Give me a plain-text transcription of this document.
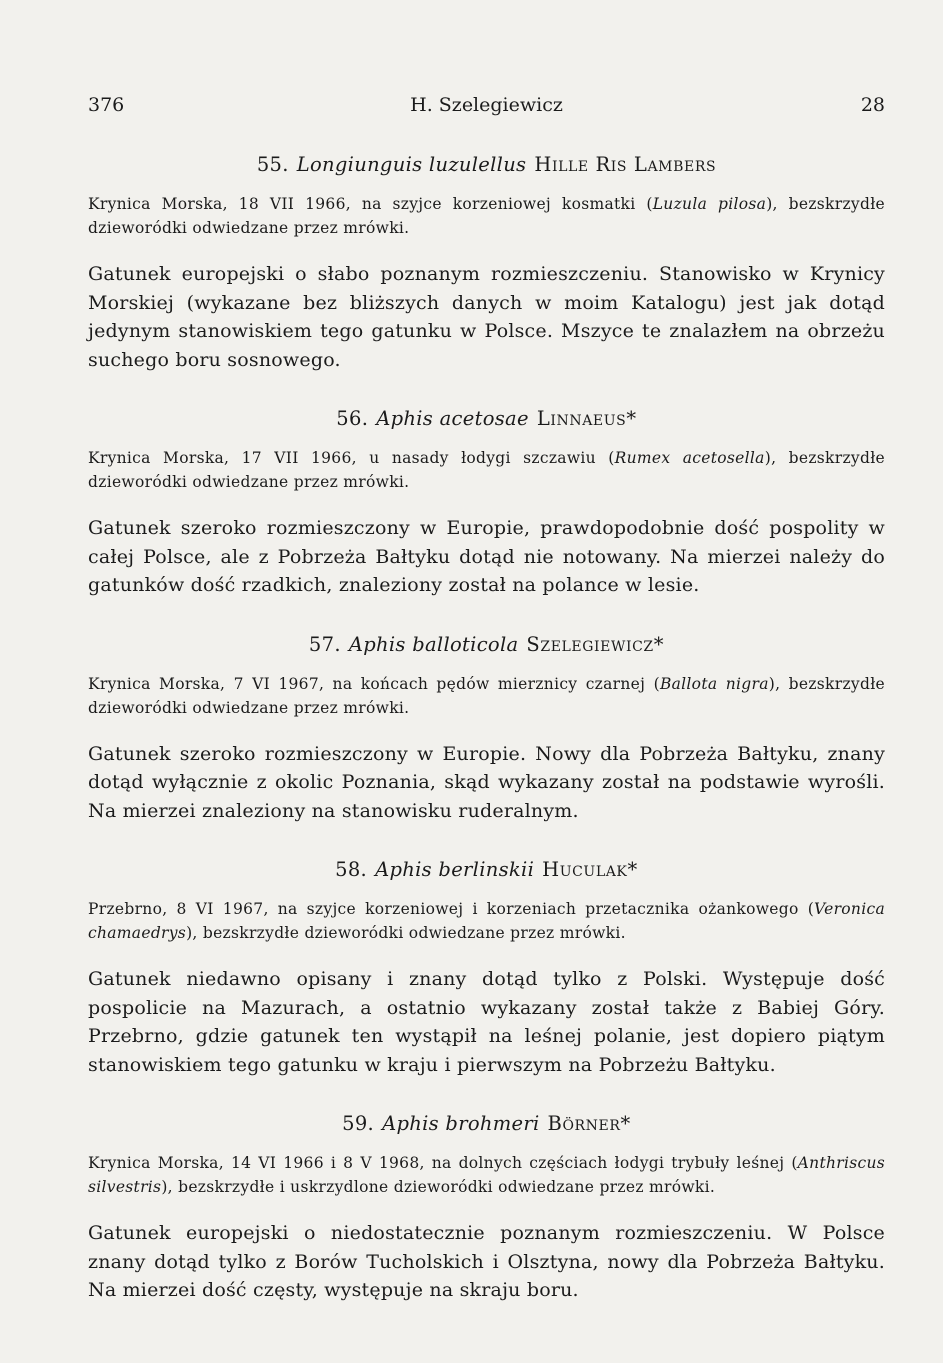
376	H. Szelegiewicz	28

55. Longiunguis luzulellus Hille Ris Lambers

Krynica Morska, 18 VII 1966, na szyjce korzeniowej kosmatki (Luzula pilosa), bezskrzydłe dzieworódki odwiedzane przez mrówki.

Gatunek europejski o słabo poznanym rozmieszczeniu. Stanowisko w Krynicy Morskiej (wykazane bez bliższych danych w moim Katalogu) jest jak dotąd jedynym stanowiskiem tego gatunku w Polsce. Mszyce te znalazłem na obrzeżu suchego boru sosnowego.

56. Aphis acetosae Linnaeus*

Krynica Morska, 17 VII 1966, u nasady łodygi szczawiu (Rumex acetosella), bezskrzydłe dzieworódki odwiedzane przez mrówki.

Gatunek szeroko rozmieszczony w Europie, prawdopodobnie dość pospolity w całej Polsce, ale z Pobrzeża Bałtyku dotąd nie notowany. Na mierzei należy do gatunków dość rzadkich, znaleziony został na polance w lesie.

57. Aphis balloticola Szelegiewicz*

Krynica Morska, 7 VI 1967, na końcach pędów mierznicy czarnej (Ballota nigra), bezskrzydłe dzieworódki odwiedzane przez mrówki.

Gatunek szeroko rozmieszczony w Europie. Nowy dla Pobrzeża Bałtyku, znany dotąd wyłącznie z okolic Poznania, skąd wykazany został na podstawie wyrośli. Na mierzei znaleziony na stanowisku ruderalnym.

58. Aphis berlinskii Huculak*

Przebrno, 8 VI 1967, na szyjce korzeniowej i korzeniach przetacznika ożankowego (Veronica chamaedrys), bezskrzydłe dzieworódki odwiedzane przez mrówki.

Gatunek niedawno opisany i znany dotąd tylko z Polski. Występuje dość pospolicie na Mazurach, a ostatnio wykazany został także z Babiej Góry. Przebrno, gdzie gatunek ten wystąpił na leśnej polanie, jest dopiero piątym stanowiskiem tego gatunku w kraju i pierwszym na Pobrzeżu Bałtyku.

59. Aphis brohmeri Börner*

Krynica Morska, 14 VI 1966 i 8 V 1968, na dolnych częściach łodygi trybuły leśnej (Anthriscus silvestris), bezskrzydłe i uskrzydlone dzieworódki odwiedzane przez mrówki.

Gatunek europejski o niedostatecznie poznanym rozmieszczeniu. W Polsce znany dotąd tylko z Borów Tucholskich i Olsztyna, nowy dla Pobrzeża Bałtyku. Na mierzei dość częsty, występuje na skraju boru.
